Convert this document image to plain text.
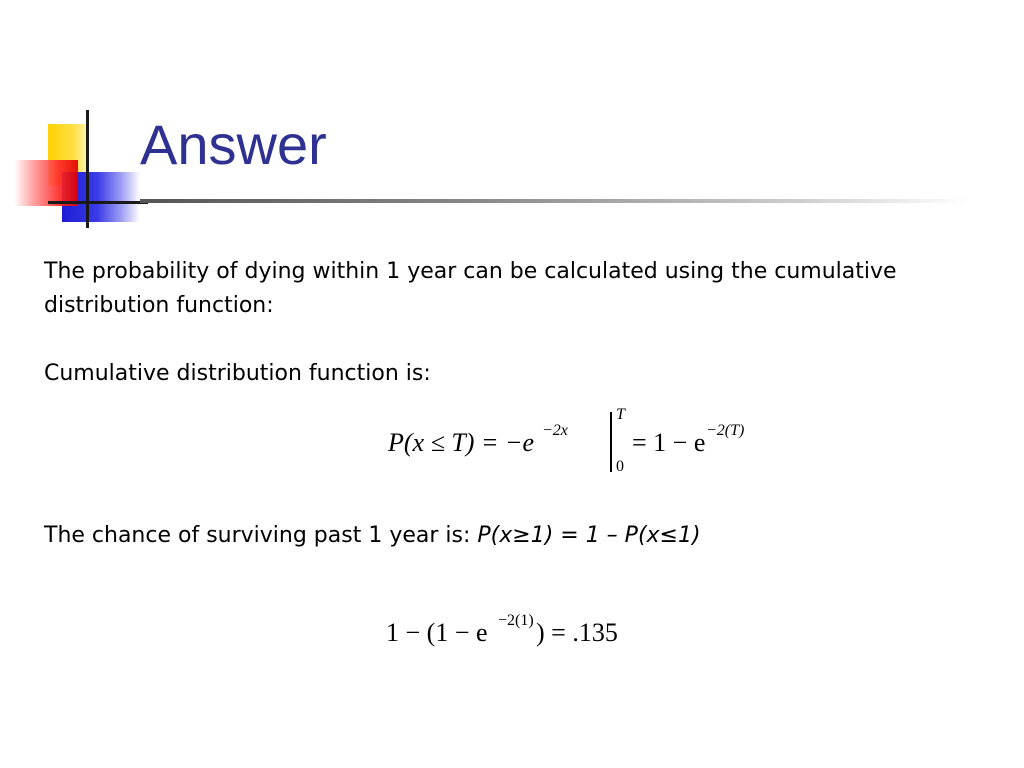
Answer

The probability of dying within 1 year can be calculated using the cumulative distribution function:

Cumulative distribution function is:

P(x ≤ T) = −e −2x
T
0
= 1 − e −2(T)

The chance of surviving past 1 year is: P(x≥1) = 1 – P(x≤1)

1 − (1 − e −2(1) ) = .135
